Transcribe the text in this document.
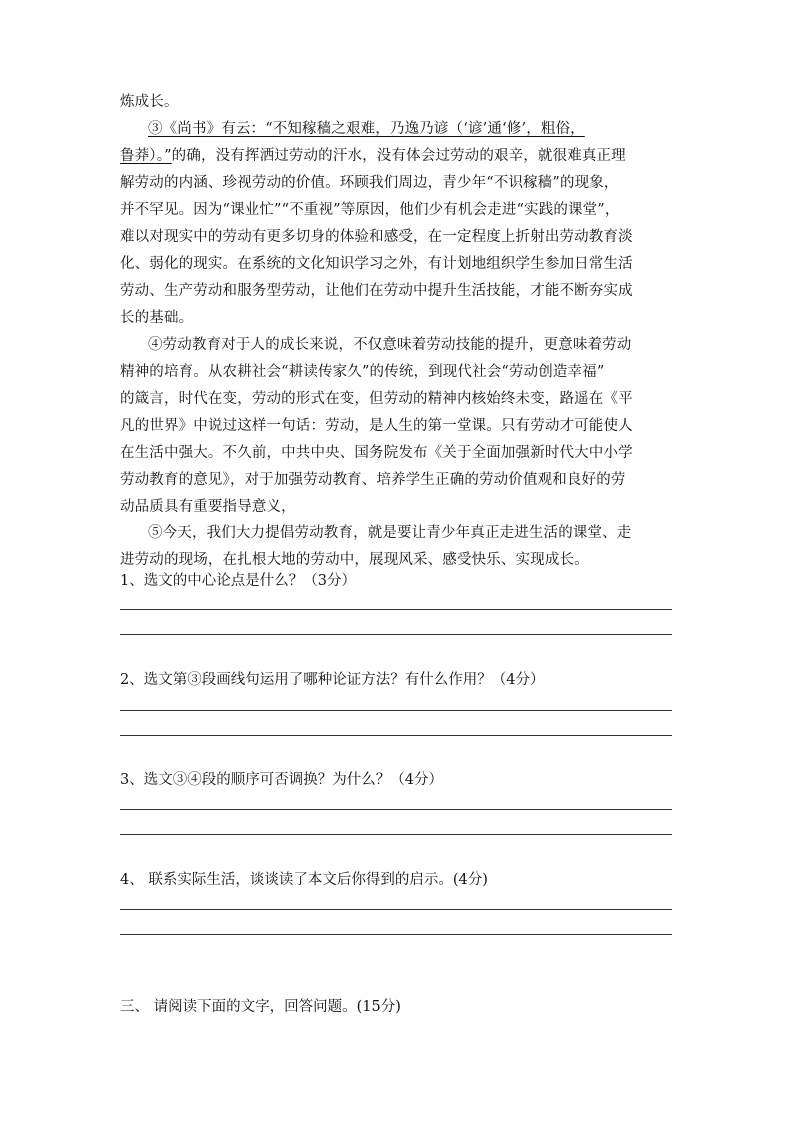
炼成长。
③《尚书》有云：“不知稼穑之艰难，乃逸乃谚（‘谚’通‘修’，粗俗，
鲁莽）。”的确，没有挥洒过劳动的汗水，没有体会过劳动的艰辛，就很难真正理
解劳动的内涵、珍视劳动的价值。环顾我们周边，青少年“不识稼穑”的现象，
并不罕见。因为“课业忙”“不重视”等原因，他们少有机会走进“实践的课堂”，
难以对现实中的劳动有更多切身的体验和感受，在一定程度上折射出劳动教育淡
化、弱化的现实。在系统的文化知识学习之外，有计划地组织学生参加日常生活
劳动、生产劳动和服务型劳动，让他们在劳动中提升生活技能，才能不断夯实成
长的基础。
④劳动教育对于人的成长来说，不仅意味着劳动技能的提升，更意味着劳动
精神的培育。从农耕社会“耕读传家久”的传统，到现代社会“劳动创造幸福”
的箴言，时代在变，劳动的形式在变，但劳动的精神内核始终未变，路遥在《平
凡的世界》中说过这样一句话：劳动，是人生的第一堂课。只有劳动才可能使人
在生活中强大。不久前，中共中央、国务院发布《关于全面加强新时代大中小学
劳动教育的意见》，对于加强劳动教育、培养学生正确的劳动价值观和良好的劳
动品质具有重要指导意义，
⑤今天，我们大力提倡劳动教育，就是要让青少年真正走进生活的课堂、走
进劳动的现场，在扎根大地的劳动中，展现风采、感受快乐、实现成长。
1、选文的中心论点是什么？（3分）
2、选文第③段画线句运用了哪种论证方法？有什么作用？（4分）
3、选文③④段的顺序可否调换？为什么？（4分）
4、 联系实际生活，谈谈读了本文后你得到的启示。(4分)
三、 请阅读下面的文字，回答问题。(15分)
